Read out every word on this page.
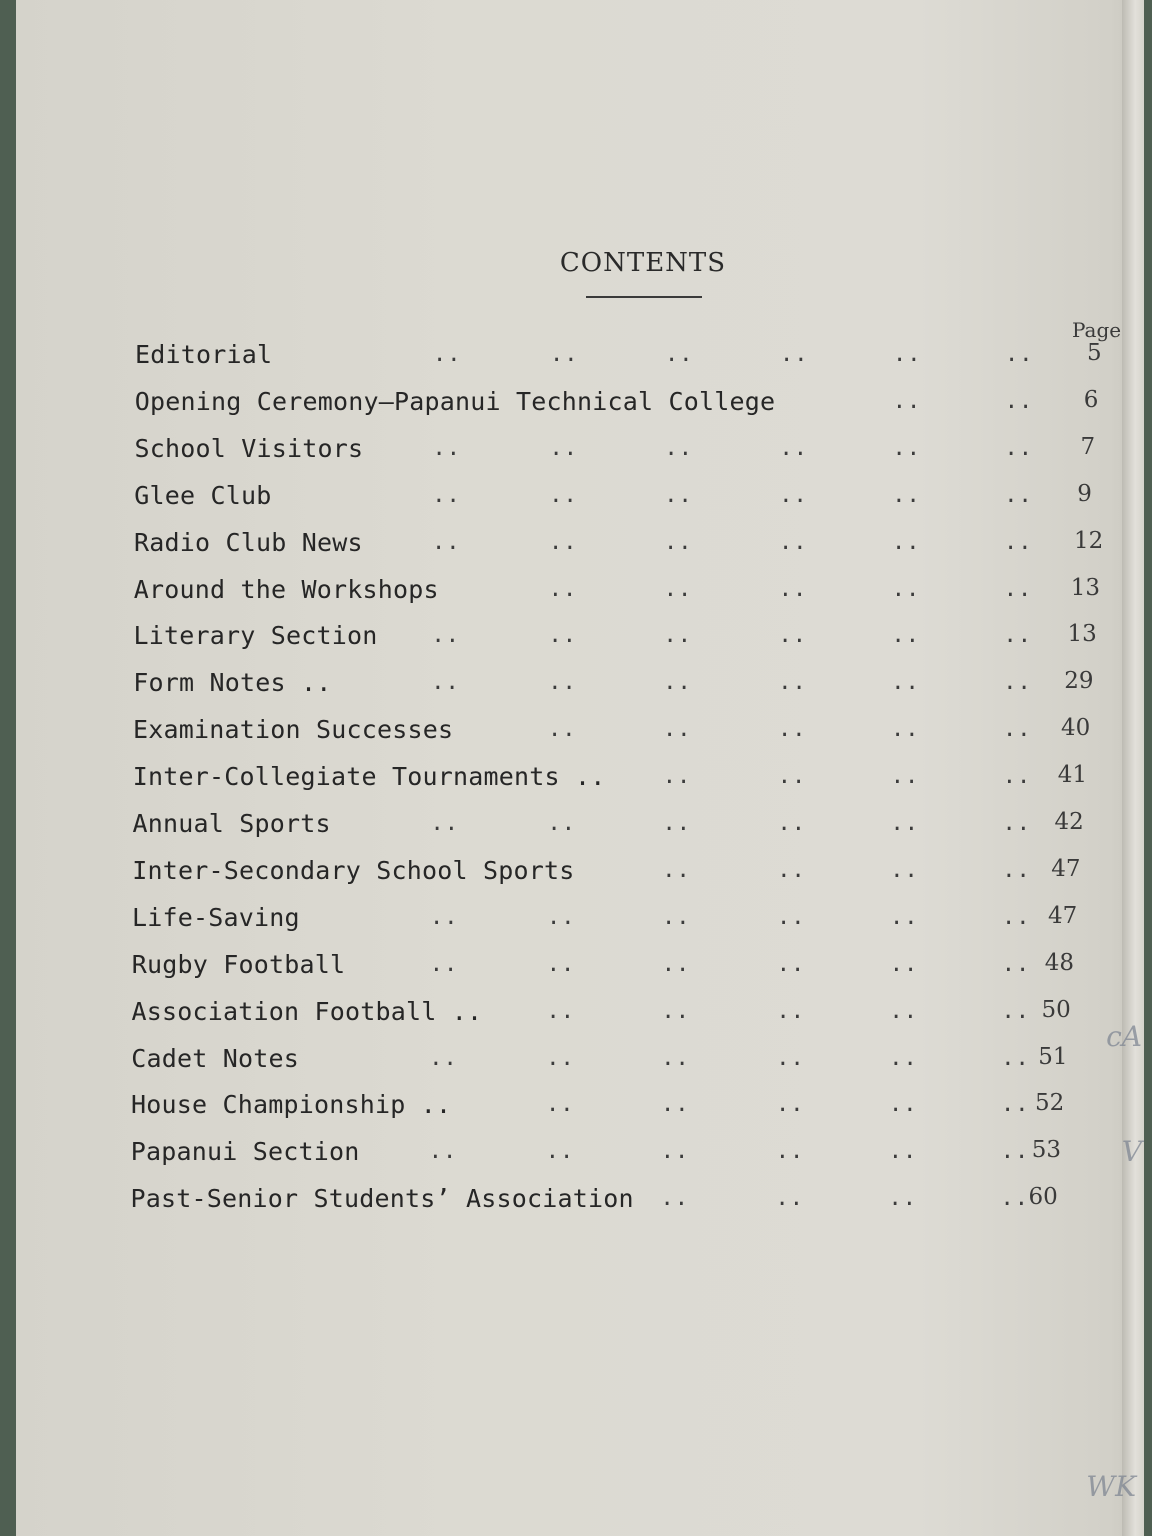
CONTENTS
Page
Editorial	5
..	..	..	..	..	..
Opening Ceremony—Papanui Technical College	6
..	..
School Visitors	7
..	..	..	..	..	..
Glee Club	9
..	..	..	..	..	..
Radio Club News	12
..	..	..	..	..	..
Around the Workshops	13
..	..	..	..	..
Literary Section	13
..	..	..	..	..	..
Form Notes ..	29
..	..	..	..	..	..
Examination Successes	40
..	..	..	..	..
Inter-Collegiate Tournaments ..	41
..	..	..	..
Annual Sports	42
..	..	..	..	..	..
Inter-Secondary School Sports	47
..	..	..	..
Life-Saving	47
..	..	..	..	..	..
Rugby Football	48
..	..	..	..	..	..
Association Football ..	50
..	..	..	..	..
Cadet Notes	51
..	..	..	..	..	..
House Championship ..	52
..	..	..	..	..
Papanui Section	53
..	..	..	..	..	..
Past-Senior Students’ Association	60
..	..	..	..
cA
V
WK
